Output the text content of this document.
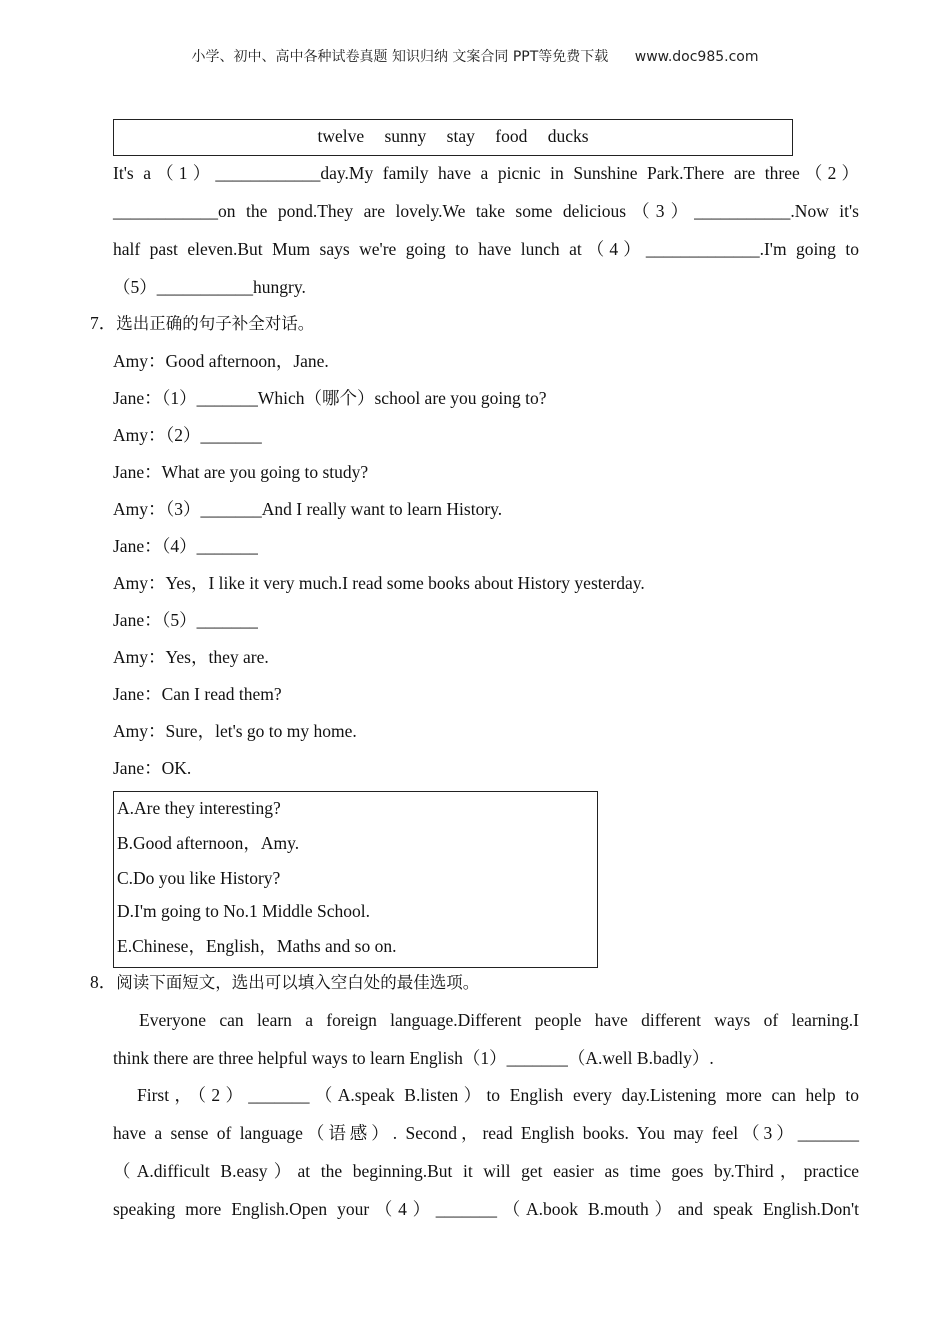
小学、初中、高中各种试卷真题 知识归纳 文案合同 PPT等免费下载 www.doc985.com
twelve sunny stay food ducks
It's a（1）____________day.My family have a picnic in Sunshine Park.There are three（2）
____________on the pond.They are lovely.We take some delicious（3）___________.Now it's
half past eleven.But Mum says we're going to have lunch at（4）_____________.I'm going to
（5）___________hungry.
7．选出正确的句子补全对话。
Amy：Good afternoon，Jane.
Jane：（1）_______Which（哪个）school are you going to?
Amy：（2）_______
Jane：What are you going to study?
Amy：（3）_______And I really want to learn History.
Jane：（4）_______
Amy：Yes，I like it very much.I read some books about History yesterday.
Jane：（5）_______
Amy：Yes，they are.
Jane：Can I read them?
Amy：Sure，let's go to my home.
Jane：OK.
A.Are they interesting?
B.Good afternoon，Amy.
C.Do you like History?
D.I'm going to No.1 Middle School.
E.Chinese，English，Maths and so on.
8．阅读下面短文，选出可以填入空白处的最佳选项。
Everyone can learn a foreign language.Different people have different ways of learning.I
think there are three helpful ways to learn English（1）_______（A.well B.badly）.
First，（2）_______（A.speak B.listen）to English every day.Listening more can help to
have a sense of language（语感）. Second，read English books. You may feel（3）_______
（A.difficult B.easy）at the beginning.But it will get easier as time goes by.Third，practice
speaking more English.Open your（4）_______（A.book B.mouth）and speak English.Don't
